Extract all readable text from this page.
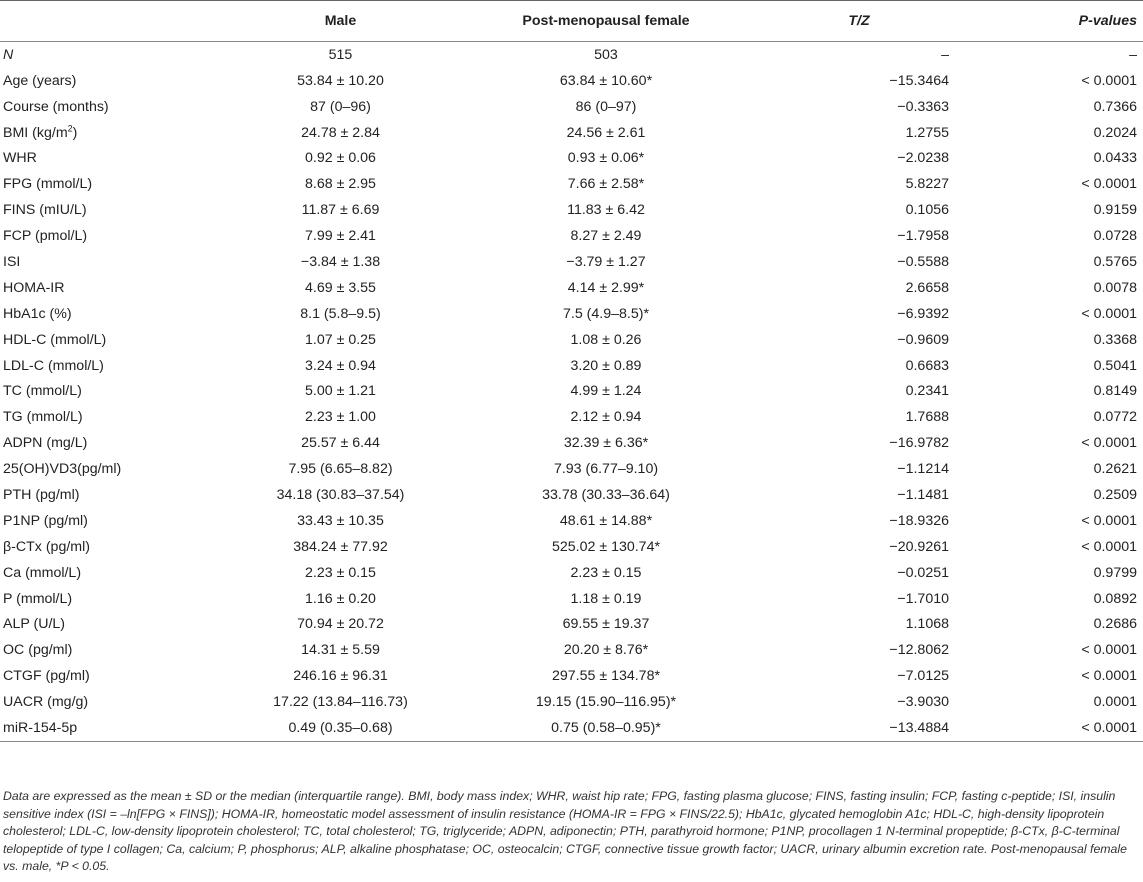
	Male	Post-menopausal female	T/Z	P-values
N	515	503	–	–
Age (years)	53.84 ± 10.20	63.84 ± 10.60*	−15.3464	< 0.0001
Course (months)	87 (0–96)	86 (0–97)	−0.3363	0.7366
BMI $(kg/m^2)$	24.78 ± 2.84	24.56 ± 2.61	1.2755	0.2024
WHR	0.92 ± 0.06	0.93 ± 0.06*	−2.0238	0.0433
FPG (mmol/L)	8.68 ± 2.95	7.66 ± 2.58*	5.8227	< 0.0001
FINS (mIU/L)	11.87 ± 6.69	11.83 ± 6.42	0.1056	0.9159
FCP (pmol/L)	7.99 ± 2.41	8.27 ± 2.49	−1.7958	0.0728
ISI	−3.84 ± 1.38	−3.79 ± 1.27	−0.5588	0.5765
HOMA-IR	4.69 ± 3.55	4.14 ± 2.99*	2.6658	0.0078
HbA1c (%)	8.1 (5.8–9.5)	7.5 (4.9–8.5)*	−6.9392	< 0.0001
HDL-C (mmol/L)	1.07 ± 0.25	1.08 ± 0.26	−0.9609	0.3368
LDL-C (mmol/L)	3.24 ± 0.94	3.20 ± 0.89	0.6683	0.5041
TC (mmol/L)	5.00 ± 1.21	4.99 ± 1.24	0.2341	0.8149
TG (mmol/L)	2.23 ± 1.00	2.12 ± 0.94	1.7688	0.0772
ADPN (mg/L)	25.57 ± 6.44	32.39 ± 6.36*	−16.9782	< 0.0001
25(OH)VD3(pg/ml)	7.95 (6.65–8.82)	7.93 (6.77–9.10)	−1.1214	0.2621
PTH (pg/ml)	34.18 (30.83–37.54)	33.78 (30.33–36.64)	−1.1481	0.2509
P1NP (pg/ml)	33.43 ± 10.35	48.61 ± 14.88*	−18.9326	< 0.0001
β-CTx (pg/ml)	384.24 ± 77.92	525.02 ± 130.74*	−20.9261	< 0.0001
Ca (mmol/L)	2.23 ± 0.15	2.23 ± 0.15	−0.0251	0.9799
P (mmol/L)	1.16 ± 0.20	1.18 ± 0.19	−1.7010	0.0892
ALP (U/L)	70.94 ± 20.72	69.55 ± 19.37	1.1068	0.2686
OC (pg/ml)	14.31 ± 5.59	20.20 ± 8.76*	−12.8062	< 0.0001
CTGF (pg/ml)	246.16 ± 96.31	297.55 ± 134.78*	−7.0125	< 0.0001
UACR (mg/g)	17.22 (13.84–116.73)	19.15 (15.90–116.95)*	−3.9030	0.0001
miR-154-5p	0.49 (0.35–0.68)	0.75 (0.58–0.95)*	−13.4884	< 0.0001
Data are expressed as the mean ± SD or the median (interquartile range). BMI, body mass index; WHR, waist hip rate; FPG, fasting plasma glucose; FINS, fasting insulin; FCP, fasting c-peptide; ISI, insulin sensitive index (ISI = –ln[FPG × FINS]); HOMA-IR, homeostatic model assessment of insulin resistance (HOMA-IR = FPG × FINS/22.5); HbA1c, glycated hemoglobin A1c; HDL-C, high-density lipoprotein cholesterol; LDL-C, low-density lipoprotein cholesterol; TC, total cholesterol; TG, triglyceride; ADPN, adiponectin; PTH, parathyroid hormone; P1NP, procollagen 1 N-terminal propeptide; β-CTx, β-C-terminal telopeptide of type I collagen; Ca, calcium; P, phosphorus; ALP, alkaline phosphatase; OC, osteocalcin; CTGF, connective tissue growth factor; UACR, urinary albumin excretion rate. Post-menopausal female vs. male, *P < 0.05.
